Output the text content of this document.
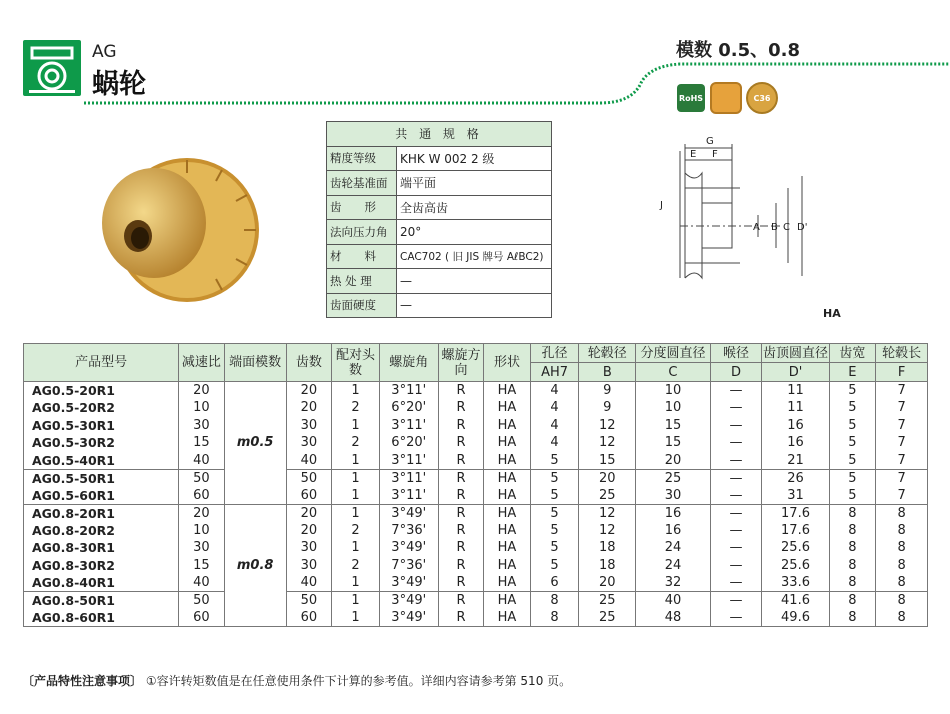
AG
蜗轮
模数 0.5、0.8
RoHS	C36
共 通 规 格	
精度等级	KHK W 002 2 级
齿轮基准面	端平面
齿　　形	全齿高齿
法向压力角	20°
材　　料	CAC702 ( 旧 JIS 牌号 AℓBC2)
热 处 理	—
齿面硬度	—
G
E F
J
A B C D'
HA
产品型号	减速比	端面模数	齿数	配对头数	螺旋角	螺旋方向	形状	孔径	轮毂径	分度圆直径	喉径	齿顶圆直径	齿宽	轮毂长
								AH7	B	C	D	D'	E	F
AG0.5-20R1	20	m0.5	20	1	3°11'	R	HA	4	9	10	—	11	5	7
AG0.5-20R2	10		20	2	6°20'	R	HA	4	9	10	—	11	5	7
AG0.5-30R1	30		30	1	3°11'	R	HA	4	12	15	—	16	5	7
AG0.5-30R2	15		30	2	6°20'	R	HA	4	12	15	—	16	5	7
AG0.5-40R1	40		40	1	3°11'	R	HA	5	15	20	—	21	5	7
AG0.5-50R1	50		50	1	3°11'	R	HA	5	20	25	—	26	5	7
AG0.5-60R1	60		60	1	3°11'	R	HA	5	25	30	—	31	5	7
AG0.8-20R1	20	m0.8	20	1	3°49'	R	HA	5	12	16	—	17.6	8	8
AG0.8-20R2	10		20	2	7°36'	R	HA	5	12	16	—	17.6	8	8
AG0.8-30R1	30		30	1	3°49'	R	HA	5	18	24	—	25.6	8	8
AG0.8-30R2	15		30	2	7°36'	R	HA	5	18	24	—	25.6	8	8
AG0.8-40R1	40		40	1	3°49'	R	HA	6	20	32	—	33.6	8	8
AG0.8-50R1	50		50	1	3°49'	R	HA	8	25	40	—	41.6	8	8
AG0.8-60R1	60		60	1	3°49'	R	HA	8	25	48	—	49.6	8	8
〔产品特性注意事项〕 ①容许转矩数值是在任意使用条件下计算的参考值。详细内容请参考第 510 页。
